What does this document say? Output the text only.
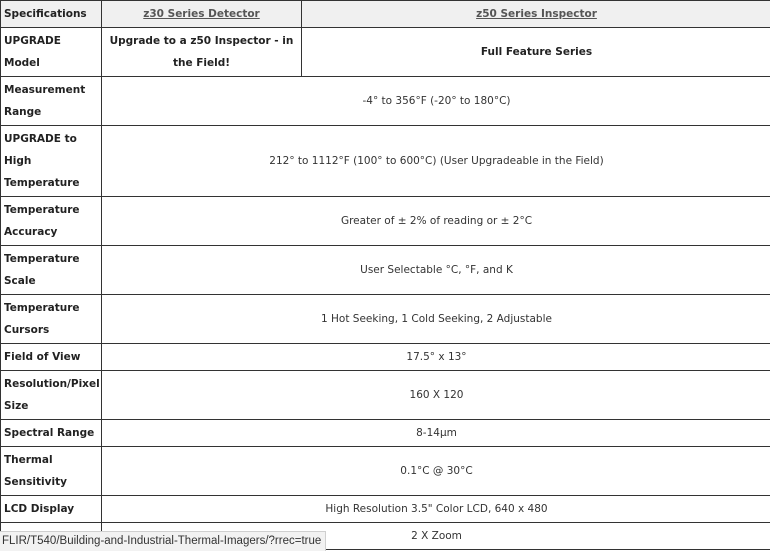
Specifications	z30 Series Detector	z50 Series Inspector
UPGRADE Model	Upgrade to a z50 Inspector - in the Field!	Full Feature Series
Measurement Range	-4° to 356°F (-20° to 180°C)	
UPGRADE to High Temperature	212° to 1112°F (100° to 600°C) (User Upgradeable in the Field)	
Temperature Accuracy	Greater of ± 2% of reading or ± 2°C	
Temperature Scale	User Selectable °C, °F, and K	
Temperature Cursors	1 Hot Seeking, 1 Cold Seeking, 2 Adjustable	
Field of View	17.5° x 13°	
Resolution/Pixel Size	160 X 120	
Spectral Range	8-14µm	
Thermal Sensitivity	0.1°C @ 30°C	
LCD Display	High Resolution 3.5" Color LCD, 640 x 480	
	2 X Zoom	
FLIR/T540/Building-and-Industrial-Thermal-Imagers/?rrec=true
